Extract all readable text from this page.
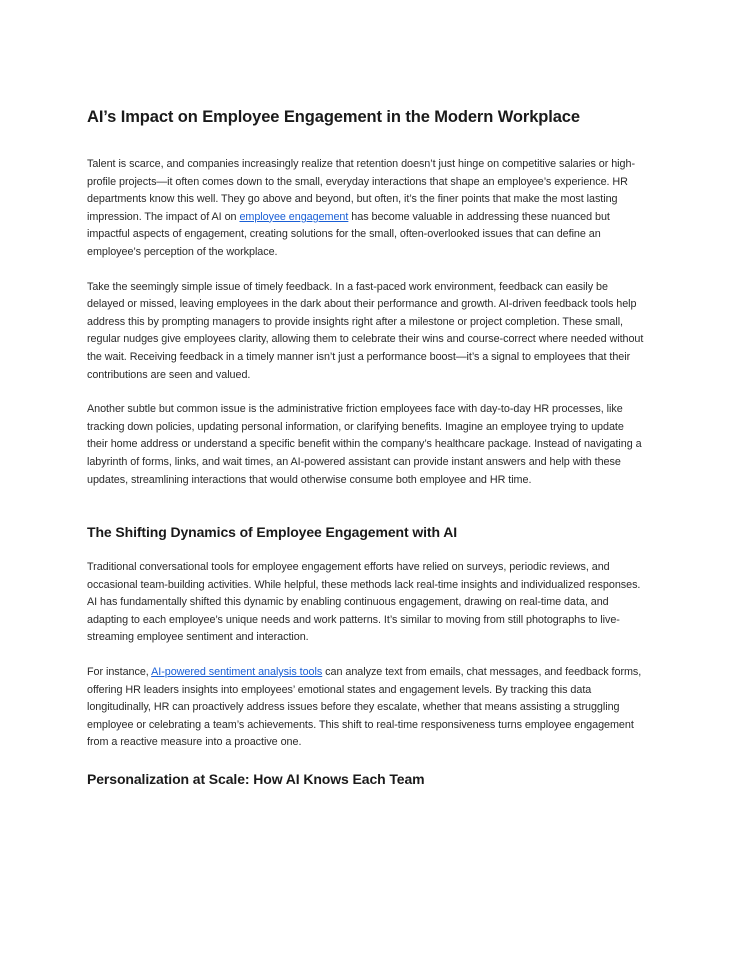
AI’s Impact on Employee Engagement in the Modern Workplace

Talent is scarce, and companies increasingly realize that retention doesn’t just hinge on competitive salaries or high-profile projects—it often comes down to the small, everyday interactions that shape an employee’s experience. HR departments know this well. They go above and beyond, but often, it’s the finer points that make the most lasting impression. The impact of AI on employee engagement has become valuable in addressing these nuanced but impactful aspects of engagement, creating solutions for the small, often-overlooked issues that can define an employee’s perception of the workplace.

Take the seemingly simple issue of timely feedback. In a fast-paced work environment, feedback can easily be delayed or missed, leaving employees in the dark about their performance and growth. AI-driven feedback tools help address this by prompting managers to provide insights right after a milestone or project completion. These small, regular nudges give employees clarity, allowing them to celebrate their wins and course-correct where needed without the wait. Receiving feedback in a timely manner isn’t just a performance boost—it’s a signal to employees that their contributions are seen and valued.

Another subtle but common issue is the administrative friction employees face with day-to-day HR processes, like tracking down policies, updating personal information, or clarifying benefits. Imagine an employee trying to update their home address or understand a specific benefit within the company’s healthcare package. Instead of navigating a labyrinth of forms, links, and wait times, an AI-powered assistant can provide instant answers and help with these updates, streamlining interactions that would otherwise consume both employee and HR time.

The Shifting Dynamics of Employee Engagement with AI

Traditional conversational tools for employee engagement efforts have relied on surveys, periodic reviews, and occasional team-building activities. While helpful, these methods lack real-time insights and individualized responses. AI has fundamentally shifted this dynamic by enabling continuous engagement, drawing on real-time data, and adapting to each employee’s unique needs and work patterns. It’s similar to moving from still photographs to live-streaming employee sentiment and interaction.

For instance, AI-powered sentiment analysis tools can analyze text from emails, chat messages, and feedback forms, offering HR leaders insights into employees’ emotional states and engagement levels. By tracking this data longitudinally, HR can proactively address issues before they escalate, whether that means assisting a struggling employee or celebrating a team’s achievements. This shift to real-time responsiveness turns employee engagement from a reactive measure into a proactive one.

Personalization at Scale: How AI Knows Each Team
